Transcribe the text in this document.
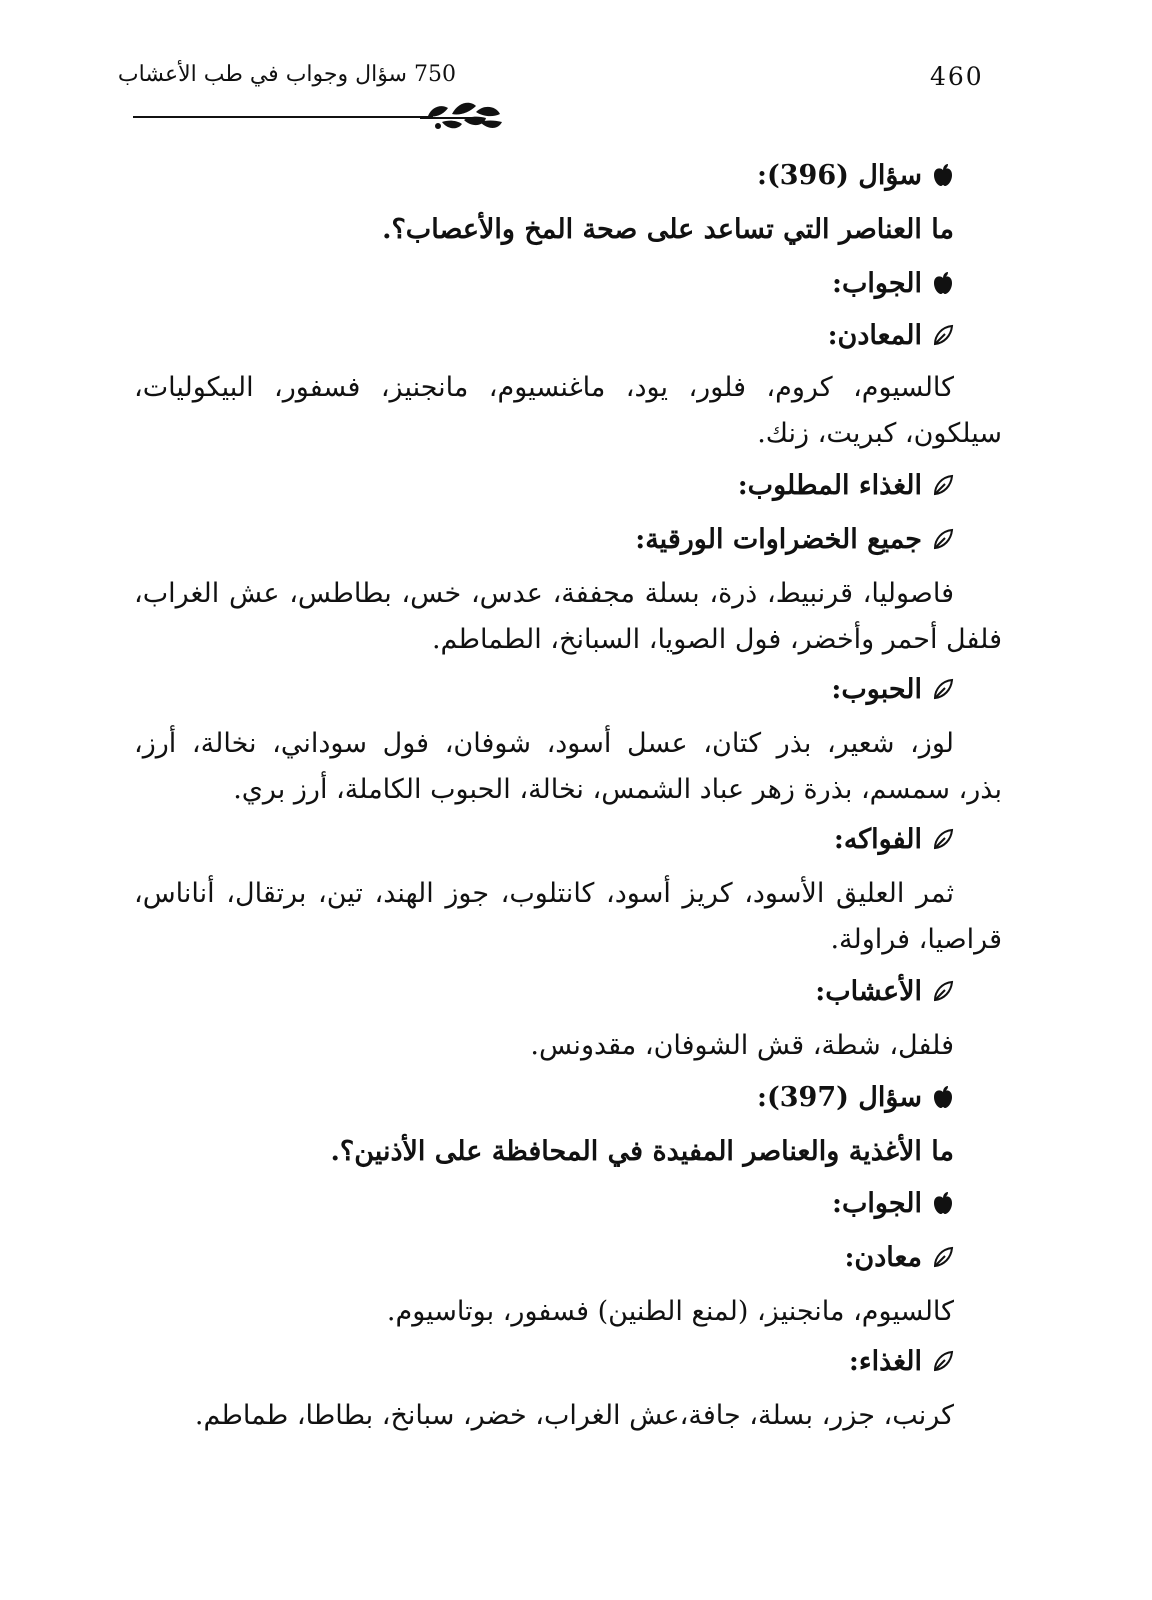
460
750 سؤال وجواب في طب الأعشاب
سؤال (396):
ما العناصر التي تساعد على صحة المخ والأعصاب؟.
الجواب:
المعادن:
كالسيوم، كروم، فلور، يود، ماغنسيوم، مانجنيز، فسفور، البيكوليات،
سيلكون، كبريت، زنك.
الغذاء المطلوب:
جميع الخضراوات الورقية:
فاصوليا، قرنبيط، ذرة، بسلة مجففة، عدس، خس، بطاطس، عش الغراب،
فلفل أحمر وأخضر، فول الصويا، السبانخ، الطماطم.
الحبوب:
لوز، شعير، بذر كتان، عسل أسود، شوفان، فول سوداني، نخالة، أرز،
بذر، سمسم، بذرة زهر عباد الشمس، نخالة، الحبوب الكاملة، أرز بري.
الفواكه:
ثمر العليق الأسود، كريز أسود، كانتلوب، جوز الهند، تين، برتقال، أناناس،
قراصيا، فراولة.
الأعشاب:
فلفل، شطة، قش الشوفان، مقدونس.
سؤال (397):
ما الأغذية والعناصر المفيدة في المحافظة على الأذنين؟.
الجواب:
معادن:
كالسيوم، مانجنيز، (لمنع الطنين) فسفور، بوتاسيوم.
الغذاء:
كرنب، جزر، بسلة، جافة،عش الغراب، خضر، سبانخ، بطاطا، طماطم.
